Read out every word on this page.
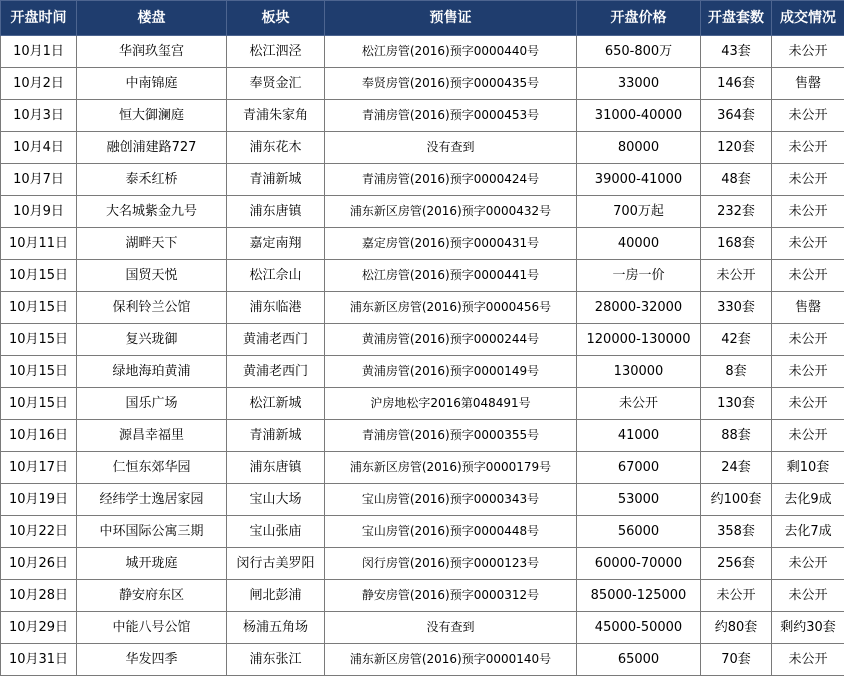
开盘时间	楼盘	板块	预售证	开盘价格	开盘套数	成交情况
10月1日	华润玖玺宫	松江泗泾	松江房管(2016)预字0000440号	650-800万	43套	未公开
10月2日	中南锦庭	奉贤金汇	奉贤房管(2016)预字0000435号	33000	146套	售罄
10月3日	恒大御澜庭	青浦朱家角	青浦房管(2016)预字0000453号	31000-40000	364套	未公开
10月4日	融创浦建路727	浦东花木	没有查到	80000	120套	未公开
10月7日	泰禾红桥	青浦新城	青浦房管(2016)预字0000424号	39000-41000	48套	未公开
10月9日	大名城紫金九号	浦东唐镇	浦东新区房管(2016)预字0000432号	700万起	232套	未公开
10月11日	湖畔天下	嘉定南翔	嘉定房管(2016)预字0000431号	40000	168套	未公开
10月15日	国贸天悦	松江佘山	松江房管(2016)预字0000441号	一房一价	未公开	未公开
10月15日	保利铃兰公馆	浦东临港	浦东新区房管(2016)预字0000456号	28000-32000	330套	售罄
10月15日	复兴珑御	黄浦老西门	黄浦房管(2016)预字0000244号	120000-130000	42套	未公开
10月15日	绿地海珀黄浦	黄浦老西门	黄浦房管(2016)预字0000149号	130000	8套	未公开
10月15日	国乐广场	松江新城	沪房地松字2016第048491号	未公开	130套	未公开
10月16日	源昌幸福里	青浦新城	青浦房管(2016)预字0000355号	41000	88套	未公开
10月17日	仁恒东郊华园	浦东唐镇	浦东新区房管(2016)预字0000179号	67000	24套	剩10套
10月19日	经纬学士逸居家园	宝山大场	宝山房管(2016)预字0000343号	53000	约100套	去化9成
10月22日	中环国际公寓三期	宝山张庙	宝山房管(2016)预字0000448号	56000	358套	去化7成
10月26日	城开珑庭	闵行古美罗阳	闵行房管(2016)预字0000123号	60000-70000	256套	未公开
10月28日	静安府东区	闸北彭浦	静安房管(2016)预字0000312号	85000-125000	未公开	未公开
10月29日	中能八号公馆	杨浦五角场	没有查到	45000-50000	约80套	剩约30套
10月31日	华发四季	浦东张江	浦东新区房管(2016)预字0000140号	65000	70套	未公开
